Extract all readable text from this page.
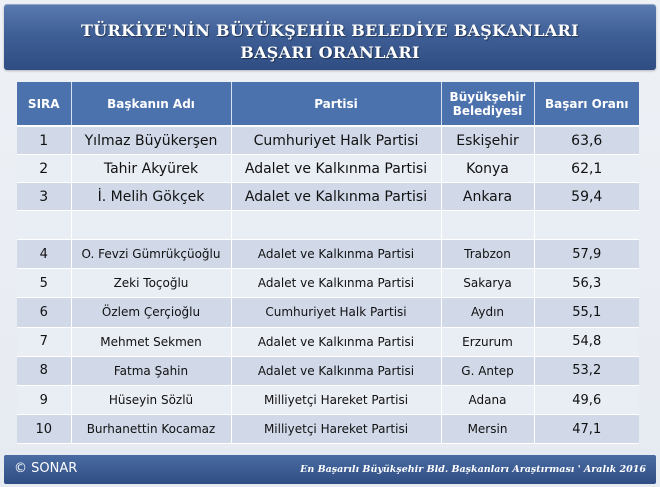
TÜRKİYE'NİN BÜYÜKŞEHİR BELEDİYE BAŞKANLARI
BAŞARI ORANLARI
SIRA	Başkanın Adı	Partisi	Büyükşehir Belediyesi	Başarı Oranı
1	Yılmaz Büyükerşen	Cumhuriyet Halk Partisi	Eskişehir	63,6
2	Tahir Akyürek	Adalet ve Kalkınma Partisi	Konya	62,1
3	İ. Melih Gökçek	Adalet ve Kalkınma Partisi	Ankara	59,4

4	O. Fevzi Gümrükçüoğlu	Adalet ve Kalkınma Partisi	Trabzon	57,9
5	Zeki Toçoğlu	Adalet ve Kalkınma Partisi	Sakarya	56,3
6	Özlem Çerçioğlu	Cumhuriyet Halk Partisi	Aydın	55,1
7	Mehmet Sekmen	Adalet ve Kalkınma Partisi	Erzurum	54,8
8	Fatma Şahin	Adalet ve Kalkınma Partisi	G. Antep	53,2
9	Hüseyin Sözlü	Milliyetçi Hareket Partisi	Adana	49,6
10	Burhanettin Kocamaz	Milliyetçi Hareket Partisi	Mersin	47,1
© SONAR	En Başarılı Büyükşehir Bld. Başkanları Araştırması ' Aralık 2016
